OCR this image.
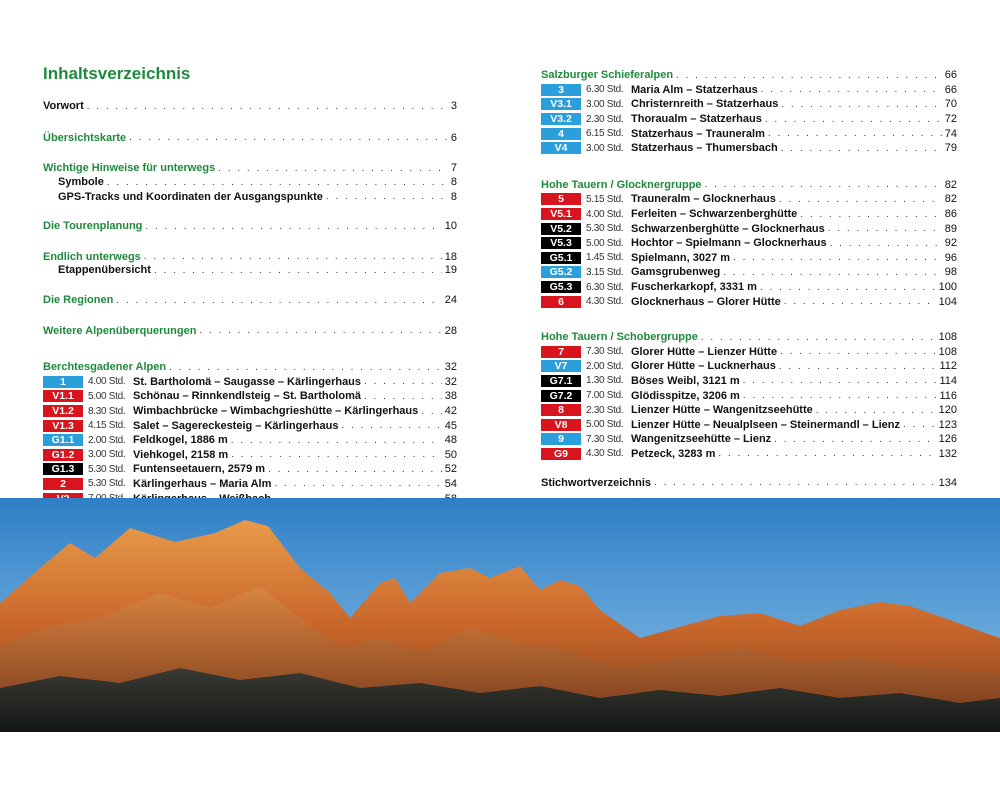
Inhaltsverzeichnis
Vorwort . . .	3
Übersichtskarte . . .	6
Wichtige Hinweise für unterwegs . . .	7
Symbole . . .	8
GPS-Tracks und Koordinaten der Ausgangspunkte . . .	8
Die Tourenplanung . . .	10
Endlich unterwegs . . .	18
Etappenübersicht . . .	19
Die Regionen . . .	24
Weitere Alpenüberquerungen . . .	28
Berchtesgadener Alpen . . .	32
1	4.00 Std. St. Bartholomä – Saugasse – Kärlingerhaus . . .	32
V1.1	5.00 Std. Schönau – Rinnkendlsteig – St. Bartholomä . . .	38
V1.2	8.30 Std. Wimbachbrücke – Wimbachgrieshütte – Kärlingerhaus . . . 42
V1.3	4.15 Std. Salet – Sagereckesteig – Kärlingerhaus . . .	45
G1.1	2.00 Std. Feldkogel, 1886 m . . .	48
G1.2	3.00 Std. Viehkogel, 2158 m . . .	50
G1.3	5.30 Std. Funtenseetauern, 2579 m . . .	52
2	5.30 Std. Kärlingerhaus – Maria Alm . . .	54
. . .
. . .
. . .
Salzburger Schieferalpen . . .	66
3	6.30 Std. Maria Alm – Statzerhaus . . .	66
V3.1	3.00 Std. Christernreith – Statzerhaus . . .	70
V3.2	2.30 Std. Thoraualm – Statzerhaus . . .	72
4	6.15 Std. Statzerhaus – Trauneralm . . .	74
V4	3.00 Std. Statzerhaus – Thumersbach . . .	79
Hohe Tauern / Glocknergruppe . . .	82
5	5.15 Std. Trauneralm – Glocknerhaus . . .	82
V5.1	4.00 Std. Ferleiten – Schwarzenberghütte . . .	86
V5.2	5.30 Std. Schwarzenberghütte – Glocknerhaus . . .	89
V5.3	5.00 Std. Hochtor – Spielmann – Glocknerhaus . . .	92
G5.1	1.45 Std. Spielmann, 3027 m . . .	96
G5.2	3.15 Std. Gamsgrubenweg . . .	98
G5.3	6.30 Std. Fuscherkarkopf, 3331 m . . .	100
6	4.30 Std. Glocknerhaus – Glorer Hütte . . .	104
Hohe Tauern / Schobergruppe . . .	108
7	7.30 Std. Glorer Hütte – Lienzer Hütte . . .	108
V7	2.00 Std. Glorer Hütte – Lucknerhaus . . .	112
G7.1	1.30 Std. Böses Weibl, 3121 m . . .	114
G7.2	7.00 Std. Glödisspitze, 3206 m . . .	116
8	2.30 Std. Lienzer Hütte – Wangenitzseehütte . . .	120
V8	5.00 Std. Lienzer Hütte – Neualplseen – Steinermandl – Lienz . . .	123
9	7.30 Std. Wangenitzseehütte – Lienz . . .	126
G9	4.30 Std. Petzeck, 3283 m . . .	132
Stichwortverzeichnis . . .	134
